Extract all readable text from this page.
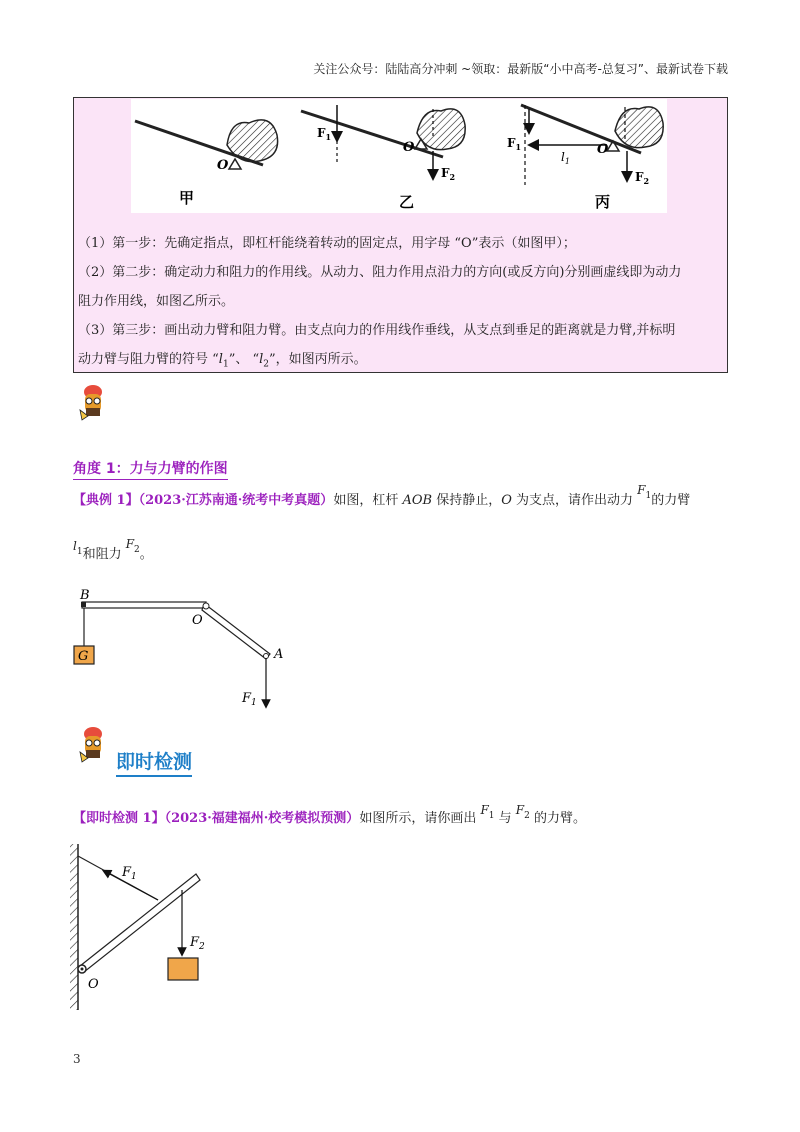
关注公众号：陆陆高分冲刺 ~领取：最新版“小中高考-总复习”、最新试卷下载
O
甲
O
$F_1$
$F_2$
乙
O
$F_1$
$l_1$
$F_2$
丙
（1）第一步：先确定指点，即杠杆能绕着转动的固定点，用字母 “O”表示（如图甲）；
（2）第二步：确定动力和阻力的作用线。从动力、阻力作用点沿力的方向(或反方向)分别画虚线即为动力
阻力作用线，如图乙所示。
（3）第三步：画出动力臂和阻力臂。由支点向力的作用线作垂线，从支点到垂足的距离就是力臂,并标明
动力臂与阻力臂的符号 “$l_1$”、 “$l_2$”，如图丙所示。
角度 1：力与力臂的作图
【典例 1】（2023·江苏南通·统考中考真题）如图，杠杆 AOB 保持静止，O 为支点，请作出动力 $F_1$的力臂
$l_1$和阻力 $F_2$。
G
B
O
A
$F_1$
即时检测
【即时检测 1】（2023·福建福州·校考模拟预测）如图所示，请你画出 $F_1$ 与 $F_2$ 的力臂。
$F_1$
$F_2$
O
3
